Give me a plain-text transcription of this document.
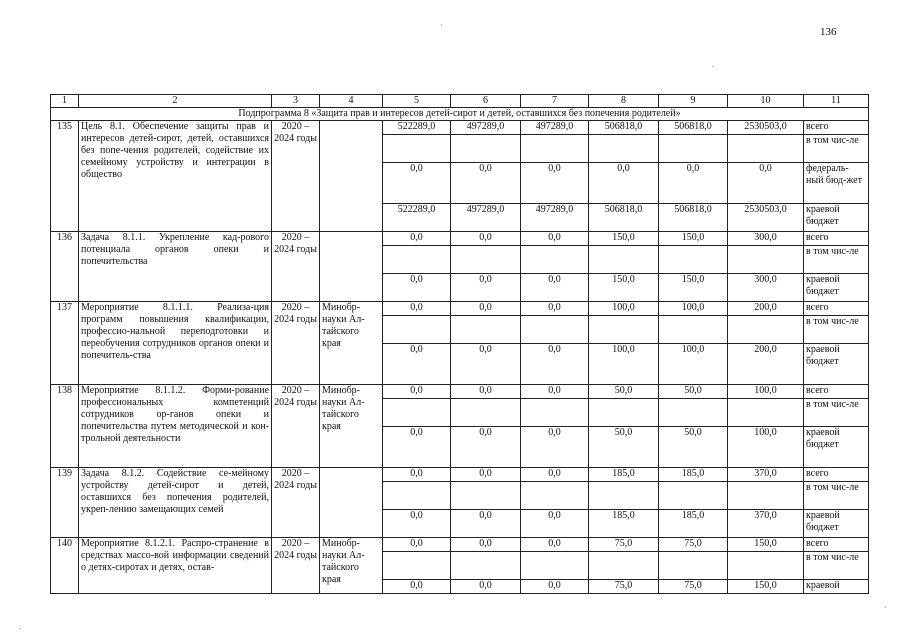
136
1	2	3	4	5	6	7	8	9	10	11
Подпрограмма 8 «Защита прав и интересов детей-сирот и детей, оставшихся без попечения родителей»										
135	Цель 8.1. Обеспечение защиты прав и интересов детей-сирот, детей, оставшихся без попе-чения родителей, содействие их семейному устройству и интеграции в общество	2020 – 2024 годы		522289,0	497289,0	497289,0	506818,0	506818,0	2530503,0	всего
										в том чис-ле
				0,0	0,0	0,0	0,0	0,0	0,0	федераль-ный бюд-жет
				522289,0	497289,0	497289,0	506818,0	506818,0	2530503,0	краевой бюджет
136	Задача 8.1.1. Укрепление кад-рового потенциала органов опеки и попечительства	2020 – 2024 годы		0,0	0,0	0,0	150,0	150,0	300,0	всего
										в том чис-ле
				0,0	0,0	0,0	150,0	150,0	300,0	краевой бюджет
137	Мероприятие 8.1.1.1. Реализа-ция программ повышения квалификации, профессио-нальной переподготовки и переобучения сотрудников органов опеки и попечитель-ства	2020 – 2024 годы	Минобр-науки Ал-тайского края	0,0	0,0	0,0	100,0	100,0	200,0	всего
										в том чис-ле
				0,0	0,0	0,0	100,0	100,0	200,0	краевой бюджет
138	Мероприятие 8.1.1.2. Форми-рование профессиональных компетенций сотрудников ор-ганов опеки и попечительства путем методической и кон-трольной деятельности	2020 – 2024 годы	Минобр-науки Ал-тайского края	0,0	0,0	0,0	50,0	50,0	100,0	всего
										в том чис-ле
				0,0	0,0	0,0	50,0	50,0	100,0	краевой бюджет
139	Задача 8.1.2. Содействие се-мейному устройству детей-сирот и детей, оставшихся без попечения родителей, укреп-лению замещающих семей	2020 – 2024 годы		0,0	0,0	0,0	185,0	185,0	370,0	всего
										в том чис-ле
				0,0	0,0	0,0	185,0	185,0	370,0	краевой бюджет
140	Мероприятие 8.1.2.1. Распро-странение в средствах массо-вой информации сведений о детях-сиротах и детях, остав-	2020 – 2024 годы	Минобр-науки Ал-тайского края	0,0	0,0	0,0	75,0	75,0	150,0	всего
										в том чис-ле
				0,0	0,0	0,0	75,0	75,0	150,0	краевой
